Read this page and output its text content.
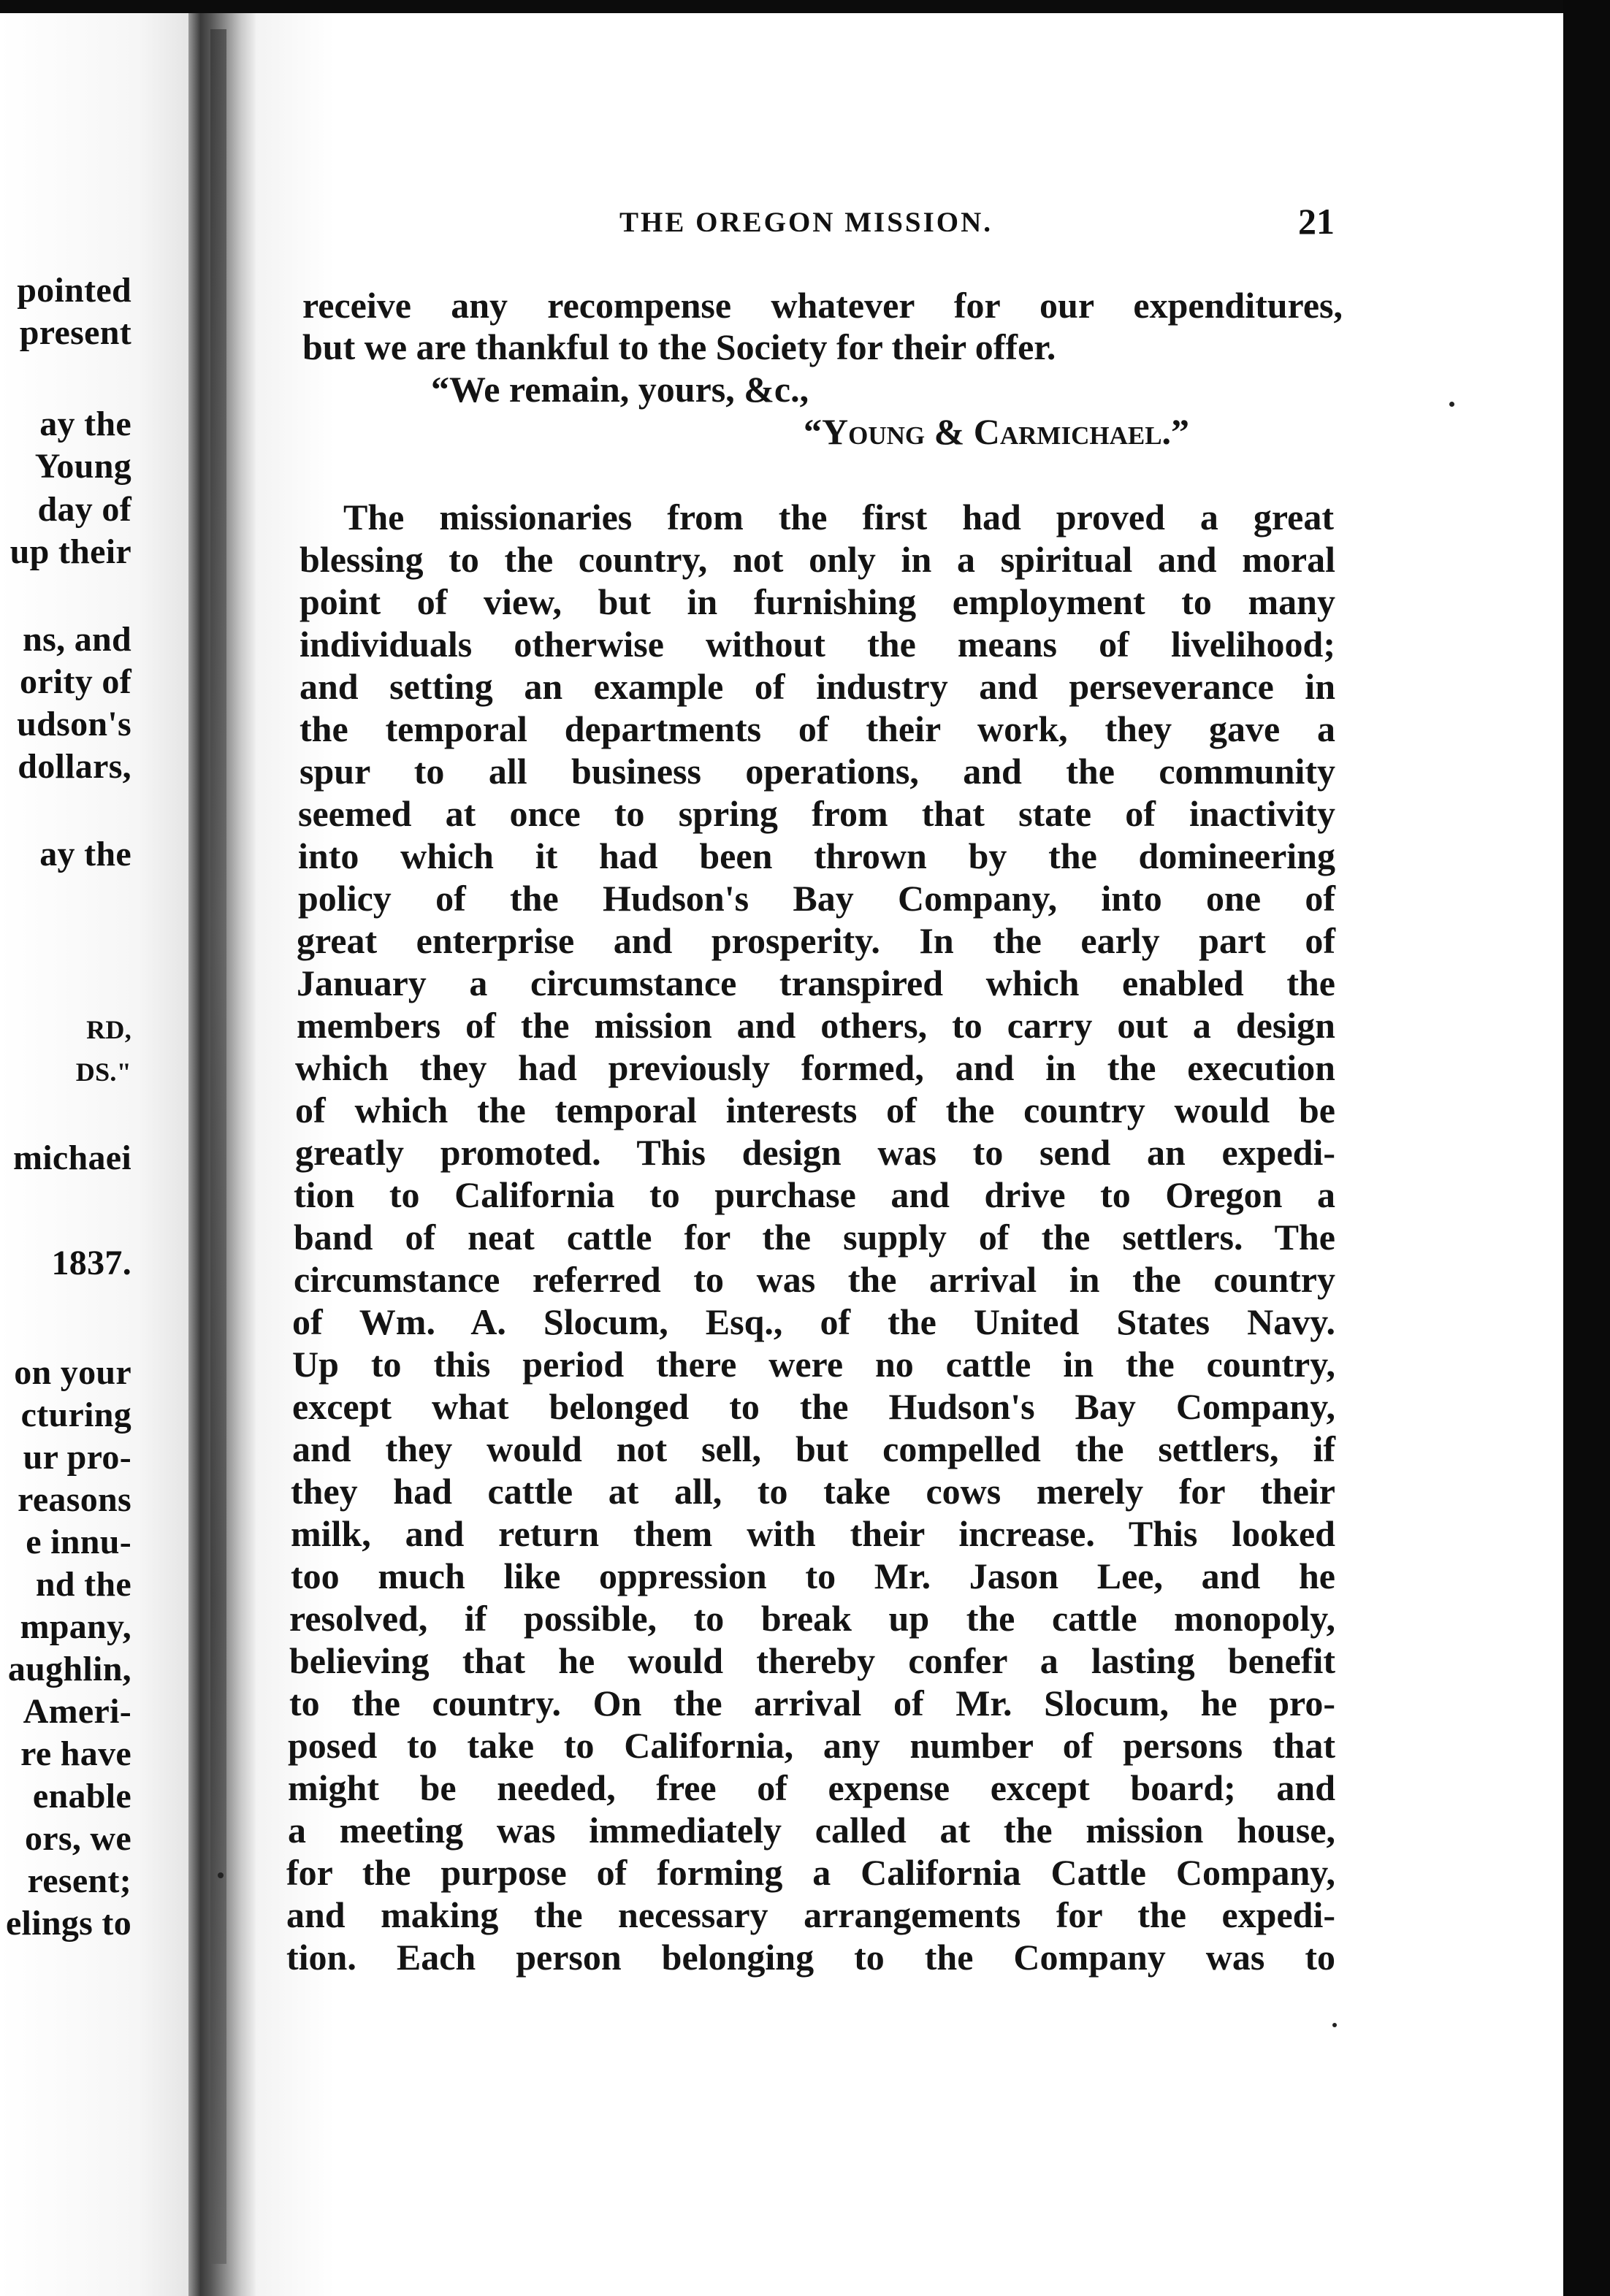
pointed
present
ay the
Young
day of
up their
ns, and
ority of
udson's
dollars,
ay the
RD,
DS."
michaei
1837.
on your
cturing
ur pro-
reasons
e innu-
nd the
mpany,
aughlin,
Ameri-
re have
enable
ors, we
resent;
elings to
THE OREGON MISSION.	21
receive any recompense whatever for our expenditures,
but we are thankful to the Society for their offer.
“We remain, yours, &c.,
“Young & Carmichael.”
The missionaries from the first had proved a great
blessing to the country, not only in a spiritual and moral
point of view, but in furnishing employment to many
individuals otherwise without the means of livelihood;
and setting an example of industry and perseverance in
the temporal departments of their work, they gave a
spur to all business operations, and the community
seemed at once to spring from that state of inactivity
into which it had been thrown by the domineering
policy of the Hudson's Bay Company, into one of
great enterprise and prosperity. In the early part of
January a circumstance transpired which enabled the
members of the mission and others, to carry out a design
which they had previously formed, and in the execution
of which the temporal interests of the country would be
greatly promoted. This design was to send an expedi-
tion to California to purchase and drive to Oregon a
band of neat cattle for the supply of the settlers. The
circumstance referred to was the arrival in the country
of Wm. A. Slocum, Esq., of the United States Navy.
Up to this period there were no cattle in the country,
except what belonged to the Hudson's Bay Company,
and they would not sell, but compelled the settlers, if
they had cattle at all, to take cows merely for their
milk, and return them with their increase. This looked
too much like oppression to Mr. Jason Lee, and he
resolved, if possible, to break up the cattle monopoly,
believing that he would thereby confer a lasting benefit
to the country. On the arrival of Mr. Slocum, he pro-
posed to take to California, any number of persons that
might be needed, free of expense except board; and
a meeting was immediately called at the mission house,
for the purpose of forming a California Cattle Company,
and making the necessary arrangements for the expedi-
tion. Each person belonging to the Company was to
